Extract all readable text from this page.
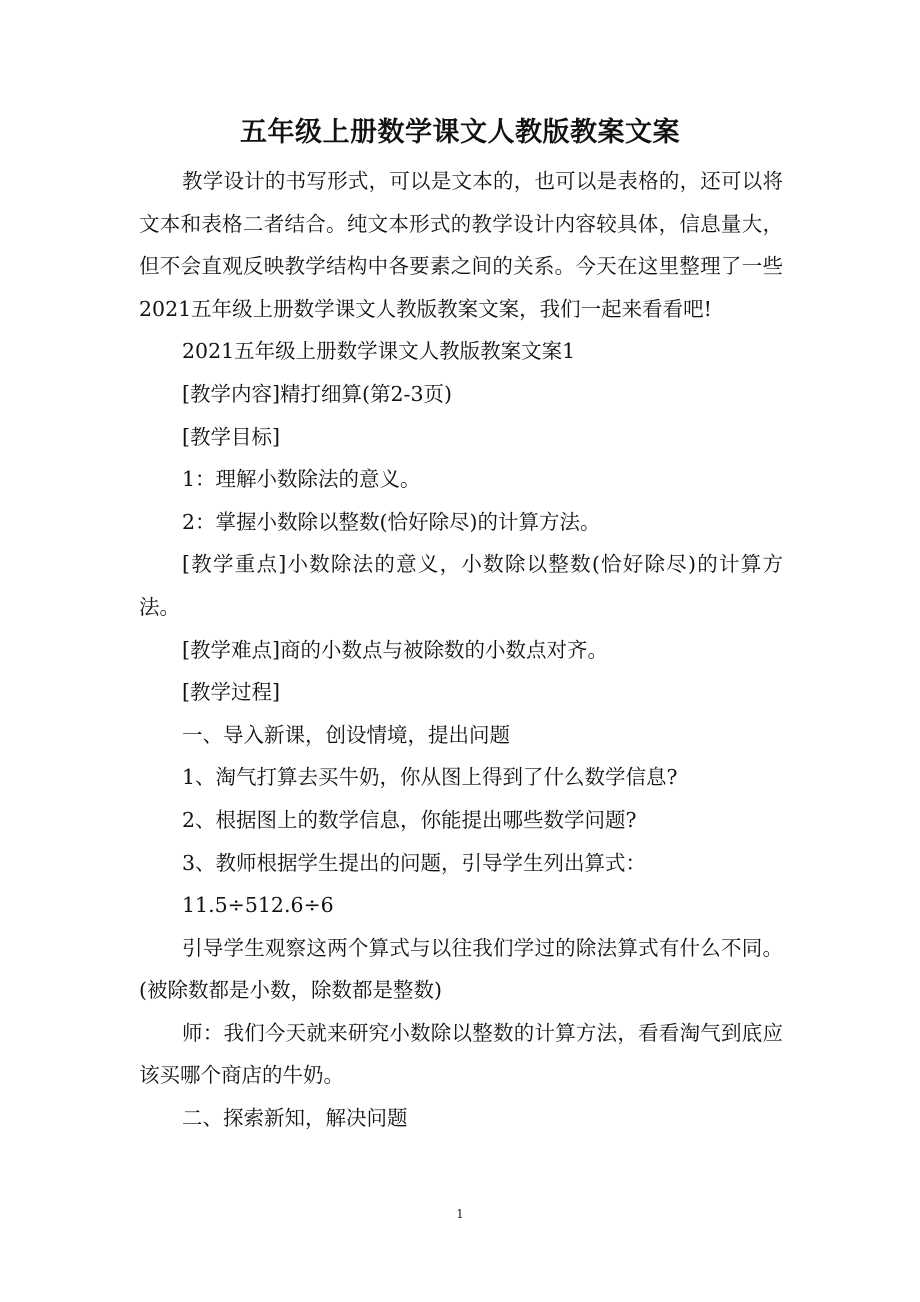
五年级上册数学课文人教版教案文案

教学设计的书写形式，可以是文本的，也可以是表格的，还可以将文本和表格二者结合。纯文本形式的教学设计内容较具体，信息量大，但不会直观反映教学结构中各要素之间的关系。今天在这里整理了一些2021五年级上册数学课文人教版教案文案，我们一起来看看吧!

2021五年级上册数学课文人教版教案文案1

[教学内容]精打细算(第2-3页)

[教学目标]

1：理解小数除法的意义。

2：掌握小数除以整数(恰好除尽)的计算方法。

[教学重点]小数除法的意义，小数除以整数(恰好除尽)的计算方法。

[教学难点]商的小数点与被除数的小数点对齐。

[教学过程]

一、导入新课，创设情境，提出问题

1、淘气打算去买牛奶，你从图上得到了什么数学信息?

2、根据图上的数学信息，你能提出哪些数学问题?

3、教师根据学生提出的问题，引导学生列出算式：

11.5÷512.6÷6

引导学生观察这两个算式与以往我们学过的除法算式有什么不同。(被除数都是小数，除数都是整数)

师：我们今天就来研究小数除以整数的计算方法，看看淘气到底应该买哪个商店的牛奶。

二、探索新知，解决问题

1
